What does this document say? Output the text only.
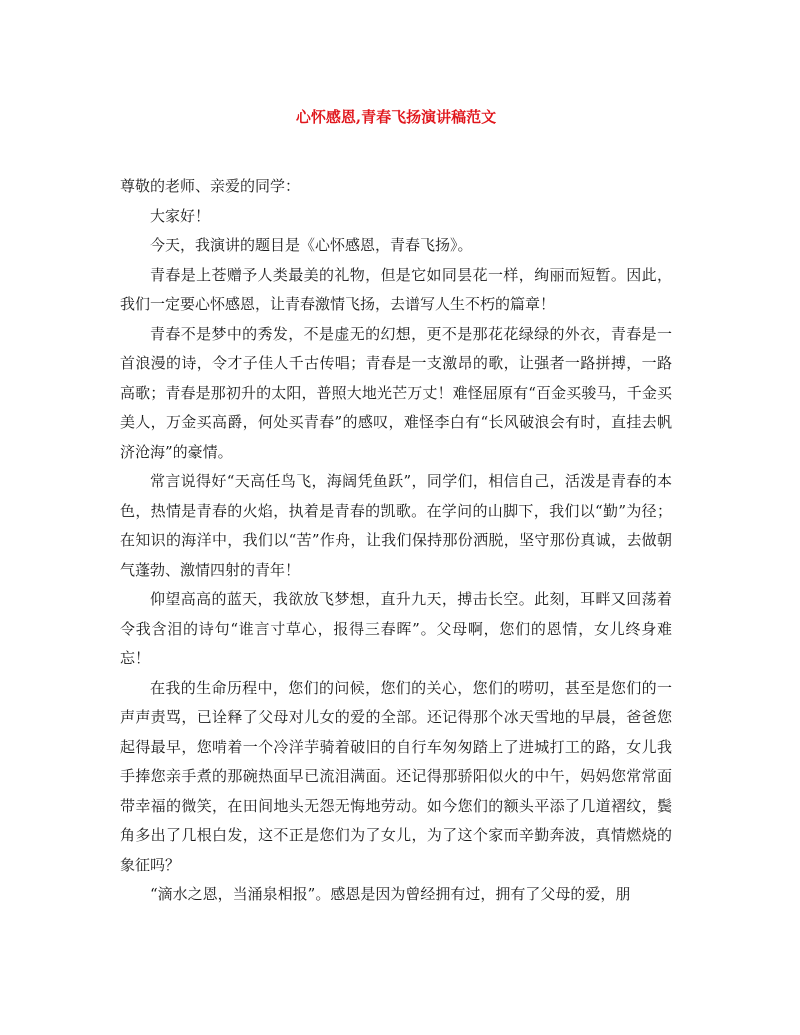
心怀感恩,青春飞扬演讲稿范文

尊敬的老师、亲爱的同学：

大家好！

今天，我演讲的题目是《心怀感恩，青春飞扬》。

青春是上苍赠予人类最美的礼物，但是它如同昙花一样，绚丽而短暂。因此，我们一定要心怀感恩，让青春激情飞扬，去谱写人生不朽的篇章！

青春不是梦中的秀发，不是虚无的幻想，更不是那花花绿绿的外衣，青春是一首浪漫的诗，令才子佳人千古传唱；青春是一支激昂的歌，让强者一路拼搏，一路高歌；青春是那初升的太阳，普照大地光芒万丈！难怪屈原有“百金买骏马，千金买美人，万金买高爵，何处买青春”的感叹，难怪李白有“长风破浪会有时，直挂去帆济沧海”的豪情。

常言说得好“天高任鸟飞，海阔凭鱼跃”，同学们，相信自己，活泼是青春的本色，热情是青春的火焰，执着是青春的凯歌。在学问的山脚下，我们以“勤”为径；在知识的海洋中，我们以“苦”作舟，让我们保持那份洒脱，坚守那份真诚，去做朝气蓬勃、激情四射的青年！

仰望高高的蓝天，我欲放飞梦想，直升九天，搏击长空。此刻，耳畔又回荡着令我含泪的诗句“谁言寸草心，报得三春晖”。父母啊，您们的恩情，女儿终身难忘！

在我的生命历程中，您们的问候，您们的关心，您们的唠叨，甚至是您们的一声声责骂，已诠释了父母对儿女的爱的全部。还记得那个冰天雪地的早晨，爸爸您起得最早，您啃着一个冷洋芋骑着破旧的自行车匆匆踏上了进城打工的路，女儿我手捧您亲手煮的那碗热面早已流泪满面。还记得那骄阳似火的中午，妈妈您常常面带幸福的微笑，在田间地头无怨无悔地劳动。如今您们的额头平添了几道褶纹，鬓角多出了几根白发，这不正是您们为了女儿，为了这个家而辛勤奔波，真情燃烧的象征吗？

“滴水之恩，当涌泉相报”。感恩是因为曾经拥有过，拥有了父母的爱，朋
